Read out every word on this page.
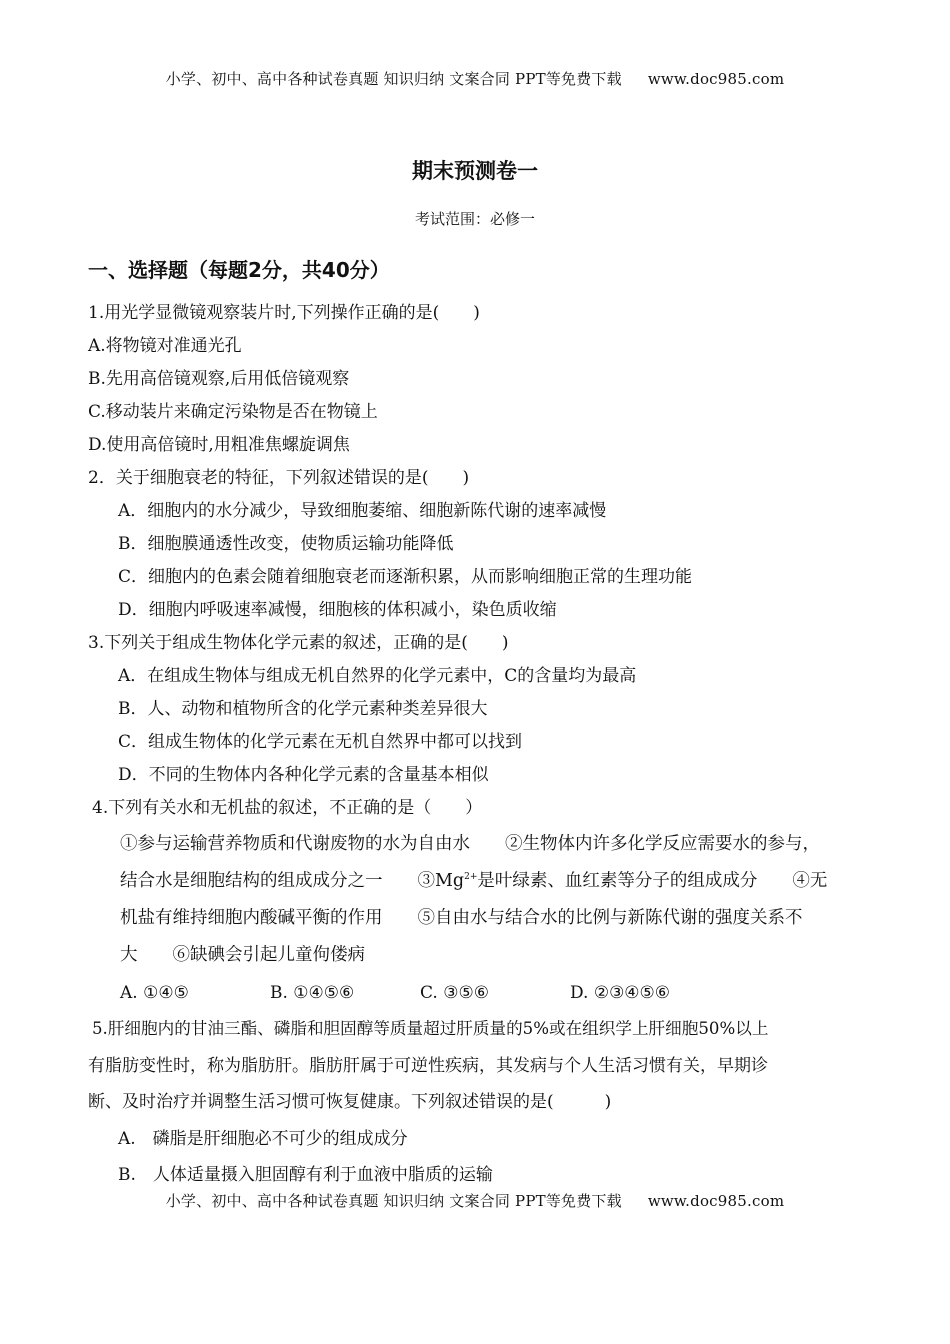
小学、初中、高中各种试卷真题 知识归纳 文案合同 PPT等免费下载 www.doc985.com
期末预测卷一
考试范围：必修一
一、选择题（每题2分，共40分）
1.用光学显微镜观察装片时,下列操作正确的是(　　)
A.将物镜对准通光孔
B.先用高倍镜观察,后用低倍镜观察
C.移动装片来确定污染物是否在物镜上
D.使用高倍镜时,用粗准焦螺旋调焦
2．关于细胞衰老的特征，下列叙述错误的是(　　)
A．细胞内的水分减少，导致细胞萎缩、细胞新陈代谢的速率减慢
B．细胞膜通透性改变，使物质运输功能降低
C．细胞内的色素会随着细胞衰老而逐渐积累，从而影响细胞正常的生理功能
D．细胞内呼吸速率减慢，细胞核的体积减小，染色质收缩
3.下列关于组成生物体化学元素的叙述，正确的是(　　)
A．在组成生物体与组成无机自然界的化学元素中，C的含量均为最高
B．人、动物和植物所含的化学元素种类差异很大
C．组成生物体的化学元素在无机自然界中都可以找到
D．不同的生物体内各种化学元素的含量基本相似
4.下列有关水和无机盐的叙述，不正确的是（　　）
①参与运输营养物质和代谢废物的水为自由水　　②生物体内许多化学反应需要水的参与，
结合水是细胞结构的组成成分之一　　$③Mg^{2+}$是叶绿素、血红素等分子的组成成分　　④无
机盐有维持细胞内酸碱平衡的作用　　⑤自由水与结合水的比例与新陈代谢的强度关系不
大　　⑥缺碘会引起儿童佝偻病
A. ①④⑤	B. ①④⑤⑥	C. ③⑤⑥	D. ②③④⑤⑥
5.肝细胞内的甘油三酯、磷脂和胆固醇等质量超过肝质量的5%或在组织学上肝细胞50%以上
有脂肪变性时，称为脂肪肝。脂肪肝属于可逆性疾病，其发病与个人生活习惯有关，早期诊
断、及时治疗并调整生活习惯可恢复健康。下列叙述错误的是(　　　)
A.　磷脂是肝细胞必不可少的组成成分
B.　人体适量摄入胆固醇有利于血液中脂质的运输
小学、初中、高中各种试卷真题 知识归纳 文案合同 PPT等免费下载 www.doc985.com
